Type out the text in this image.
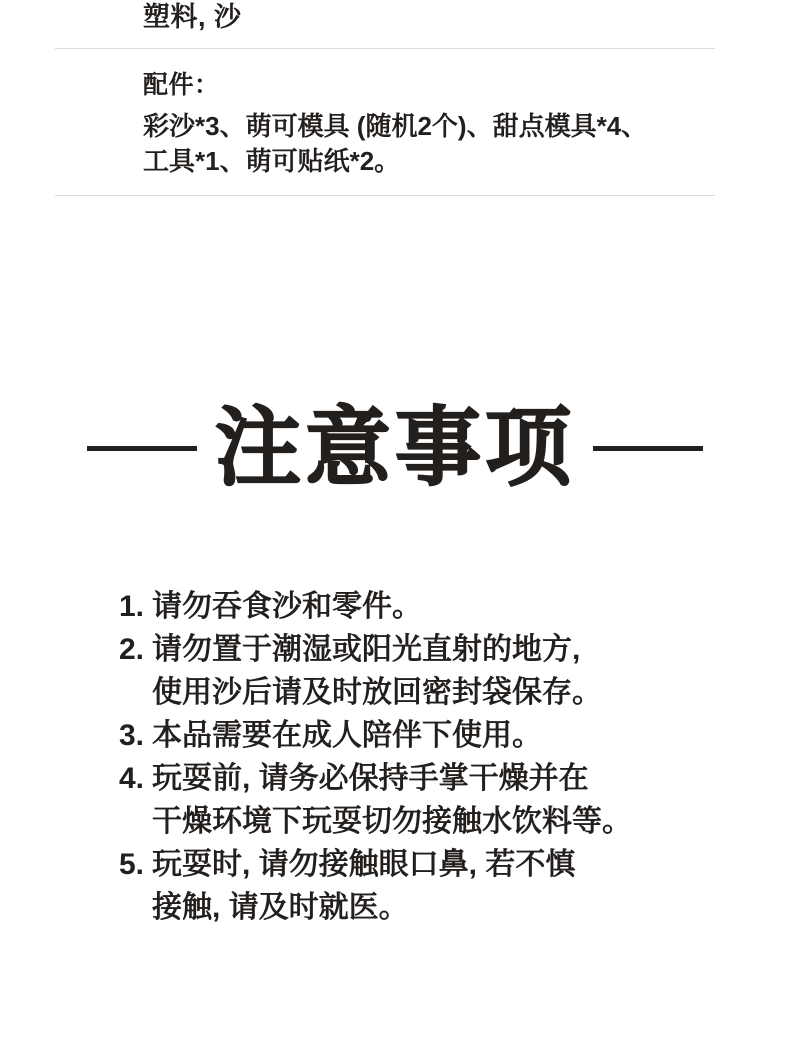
塑料, 沙
配件：
彩沙*3、萌可模具 (随机2个)、甜点模具*4、
工具*1、萌可贴纸*2。
注意事项
1. 请勿吞食沙和零件。
2. 请勿置于潮湿或阳光直射的地方,
使用沙后请及时放回密封袋保存。
3. 本品需要在成人陪伴下使用。
4. 玩耍前, 请务必保持手掌干燥并在
干燥环境下玩耍切勿接触水饮料等。
5. 玩耍时, 请勿接触眼口鼻, 若不慎
接触, 请及时就医。
